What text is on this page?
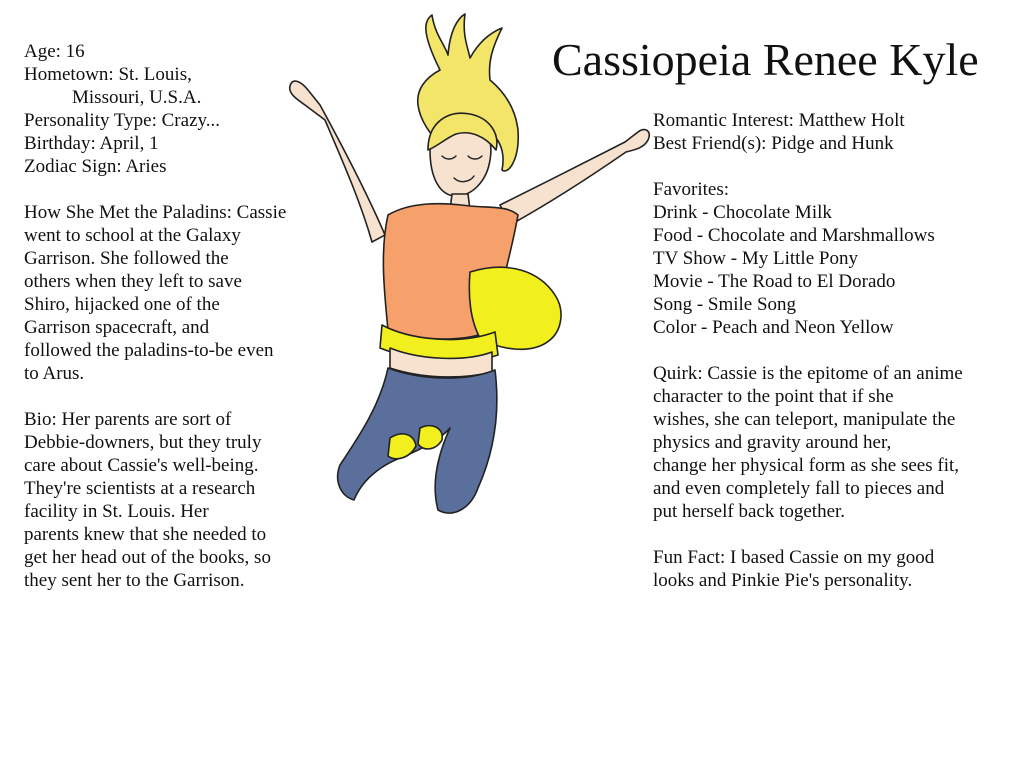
Cassiopeia Renee Kyle
Age: 16
Hometown: St. Louis,
Missouri, U.S.A.
Personality Type: Crazy...
Birthday: April, 1
Zodiac Sign: Aries
How She Met the Paladins: Cassie
went to school at the Galaxy
Garrison. She followed the
others when they left to save
Shiro, hijacked one of the
Garrison spacecraft, and
followed the paladins-to-be even
to Arus.
Bio: Her parents are sort of
Debbie-downers, but they truly
care about Cassie's well-being.
They're scientists at a research
facility in St. Louis. Her
parents knew that she needed to
get her head out of the books, so
they sent her to the Garrison.
Romantic Interest: Matthew Holt
Best Friend(s): Pidge and Hunk
Favorites:
Drink - Chocolate Milk
Food - Chocolate and Marshmallows
TV Show - My Little Pony
Movie - The Road to El Dorado
Song - Smile Song
Color - Peach and Neon Yellow
Quirk: Cassie is the epitome of an anime
character to the point that if she
wishes, she can teleport, manipulate the
physics and gravity around her,
change her physical form as she sees fit,
and even completely fall to pieces and
put herself back together.
Fun Fact: I based Cassie on my good
looks and Pinkie Pie's personality.
